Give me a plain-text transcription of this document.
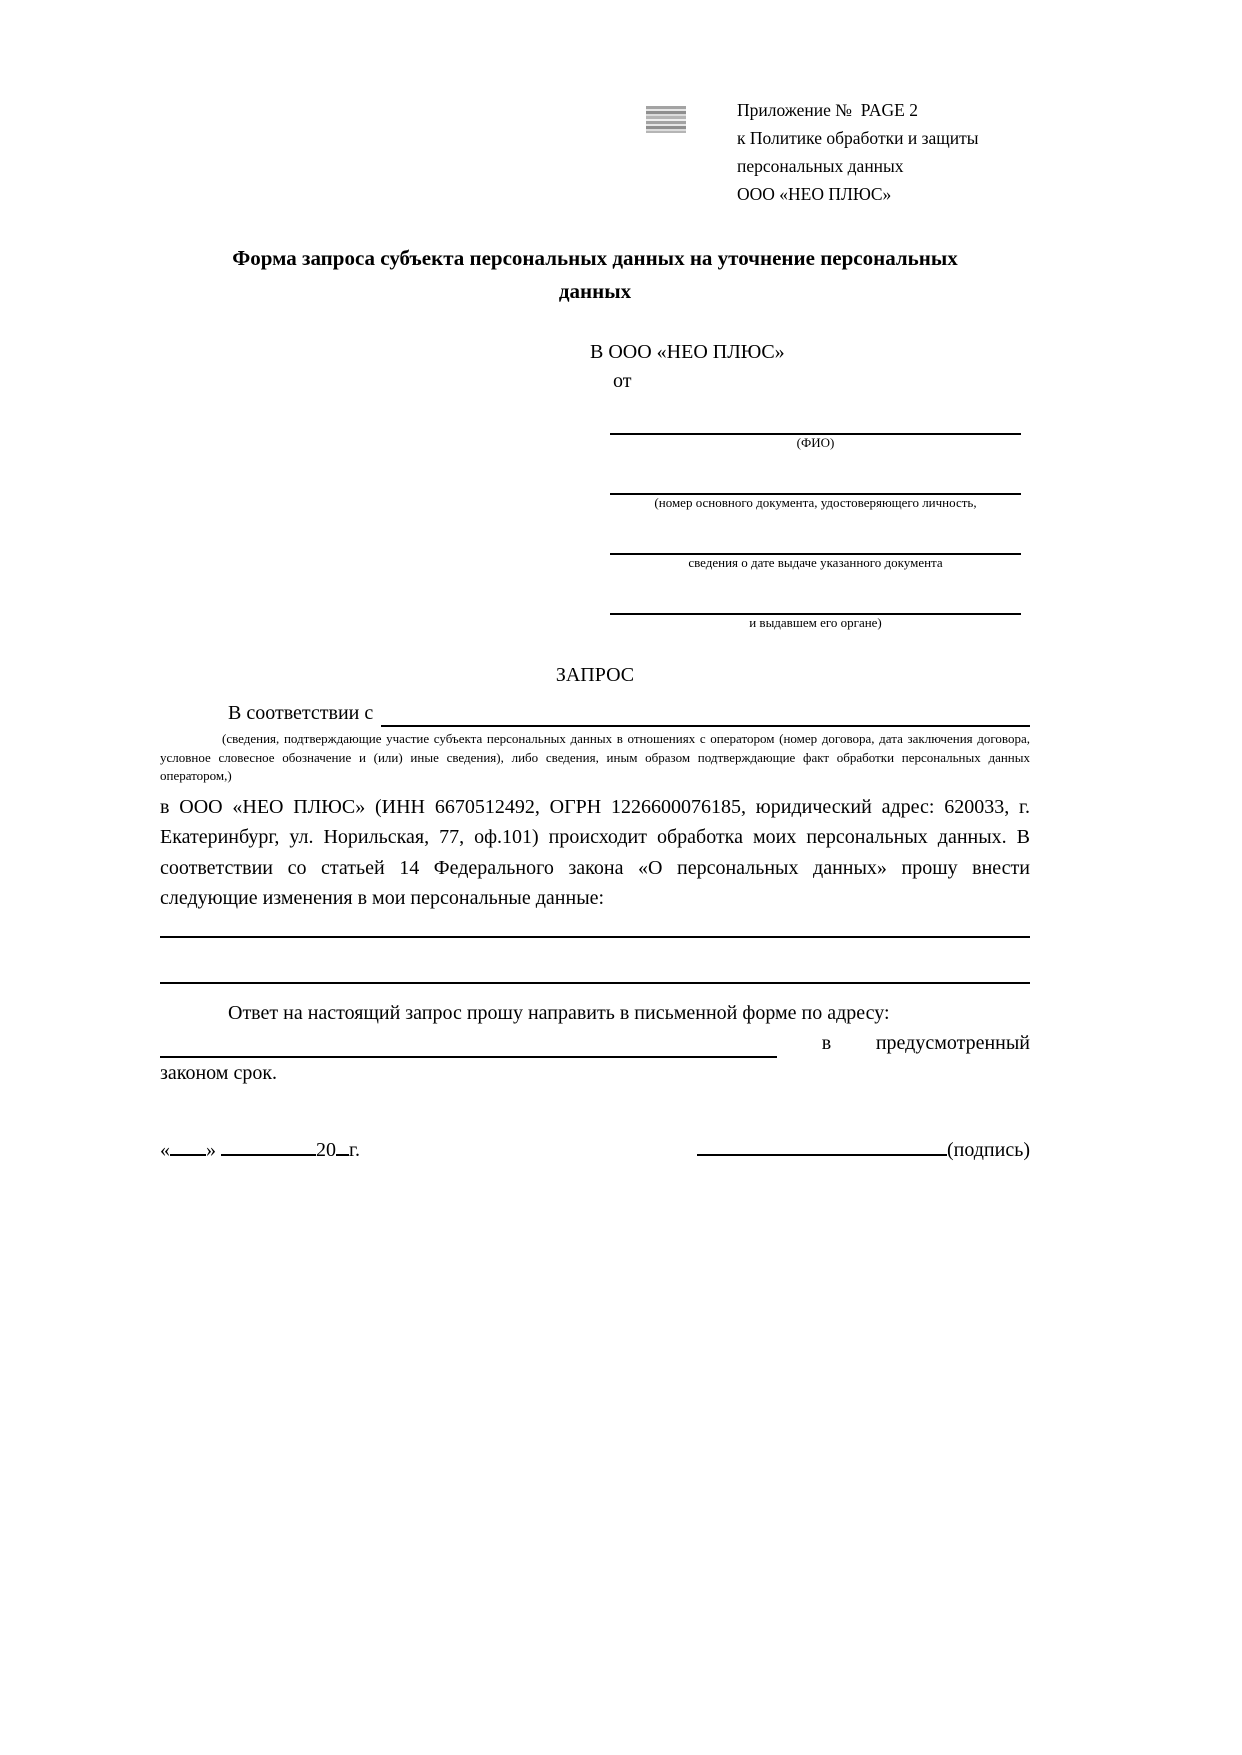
Приложение №  PAGE 2
к Политике обработки и защиты
персональных данных
ООО «НЕО ПЛЮС»
Форма запроса субъекта персональных данных на уточнение персональных данных
В ООО «НЕО ПЛЮС»
от
(ФИО)
(номер основного документа, удостоверяющего личность,
сведения о дате выдаче указанного документа
и выдавшем его органе)
ЗАПРОС
В соответствии с
(сведения, подтверждающие участие субъекта персональных данных в отношениях с оператором (номер договора, дата заключения договора, условное словесное обозначение и (или) иные сведения), либо сведения, иным образом подтверждающие факт обработки персональных данных оператором,)
в ООО «НЕО ПЛЮС» (ИНН 6670512492, ОГРН 1226600076185, юридический адрес: 620033, г. Екатеринбург, ул. Норильская, 77, оф.101) происходит обработка моих персональных данных. В соответствии со статьей 14 Федерального закона «О персональных данных» прошу внести следующие изменения в мои персональные данные:
Ответ на настоящий запрос прошу направить в письменной форме по адресу:
в предусмотренный
законом срок.
« »	20 г.	(подпись)
